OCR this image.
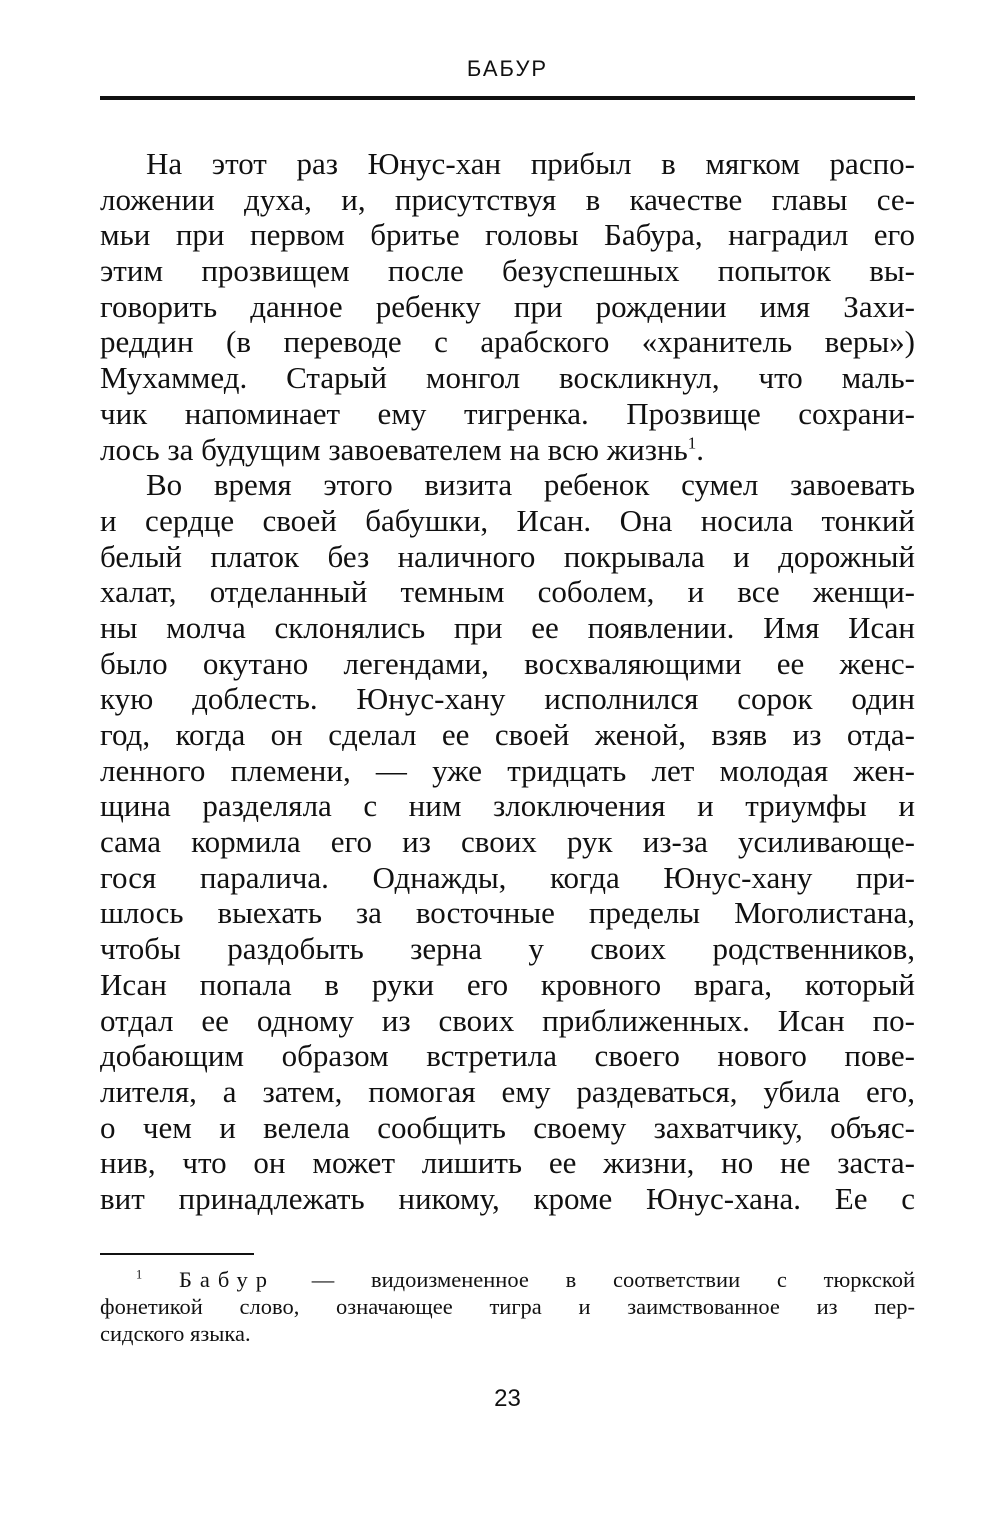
БАБУР
На этот раз Юнус-хан прибыл в мягком распо-
ложении духа, и, присутствуя в качестве главы се-
мьи при первом бритье головы Бабура, наградил его
этим прозвищем после безуспешных попыток вы-
говорить данное ребенку при рождении имя Захи-
реддин (в переводе с арабского «хранитель веры»)
Мухаммед. Старый монгол воскликнул, что маль-
чик напоминает ему тигренка. Прозвище сохрани-
лось за будущим завоевателем на всю жизнь$^1$.
Во время этого визита ребенок сумел завоевать
и сердце своей бабушки, Исан. Она носила тонкий
белый платок без наличного покрывала и дорожный
халат, отделанный темным соболем, и все женщи-
ны молча склонялись при ее появлении. Имя Исан
было окутано легендами, восхваляющими ее женс-
кую доблесть. Юнус-хану исполнился сорок один
год, когда он сделал ее своей женой, взяв из отда-
ленного племени, — уже тридцать лет молодая жен-
щина разделяла с ним злоключения и триумфы и
сама кормила его из своих рук из-за усиливающе-
гося паралича. Однажды, когда Юнус-хану при-
шлось выехать за восточные пределы Моголистана,
чтобы раздобыть зерна у своих родственников,
Исан попала в руки его кровного врага, который
отдал ее одному из своих приближенных. Исан по-
добающим образом встретила своего нового пове-
лителя, а затем, помогая ему раздеваться, убила его,
о чем и велела сообщить своему захватчику, объяс-
нив, что он может лишить ее жизни, но не заста-
вит принадлежать никому, кроме Юнус-хана. Ее с
$^1$ Бабур — видоизмененное в соответствии с тюркской
фонетикой слово, означающее тигра и заимствованное из пер-
сидского языка.
23
